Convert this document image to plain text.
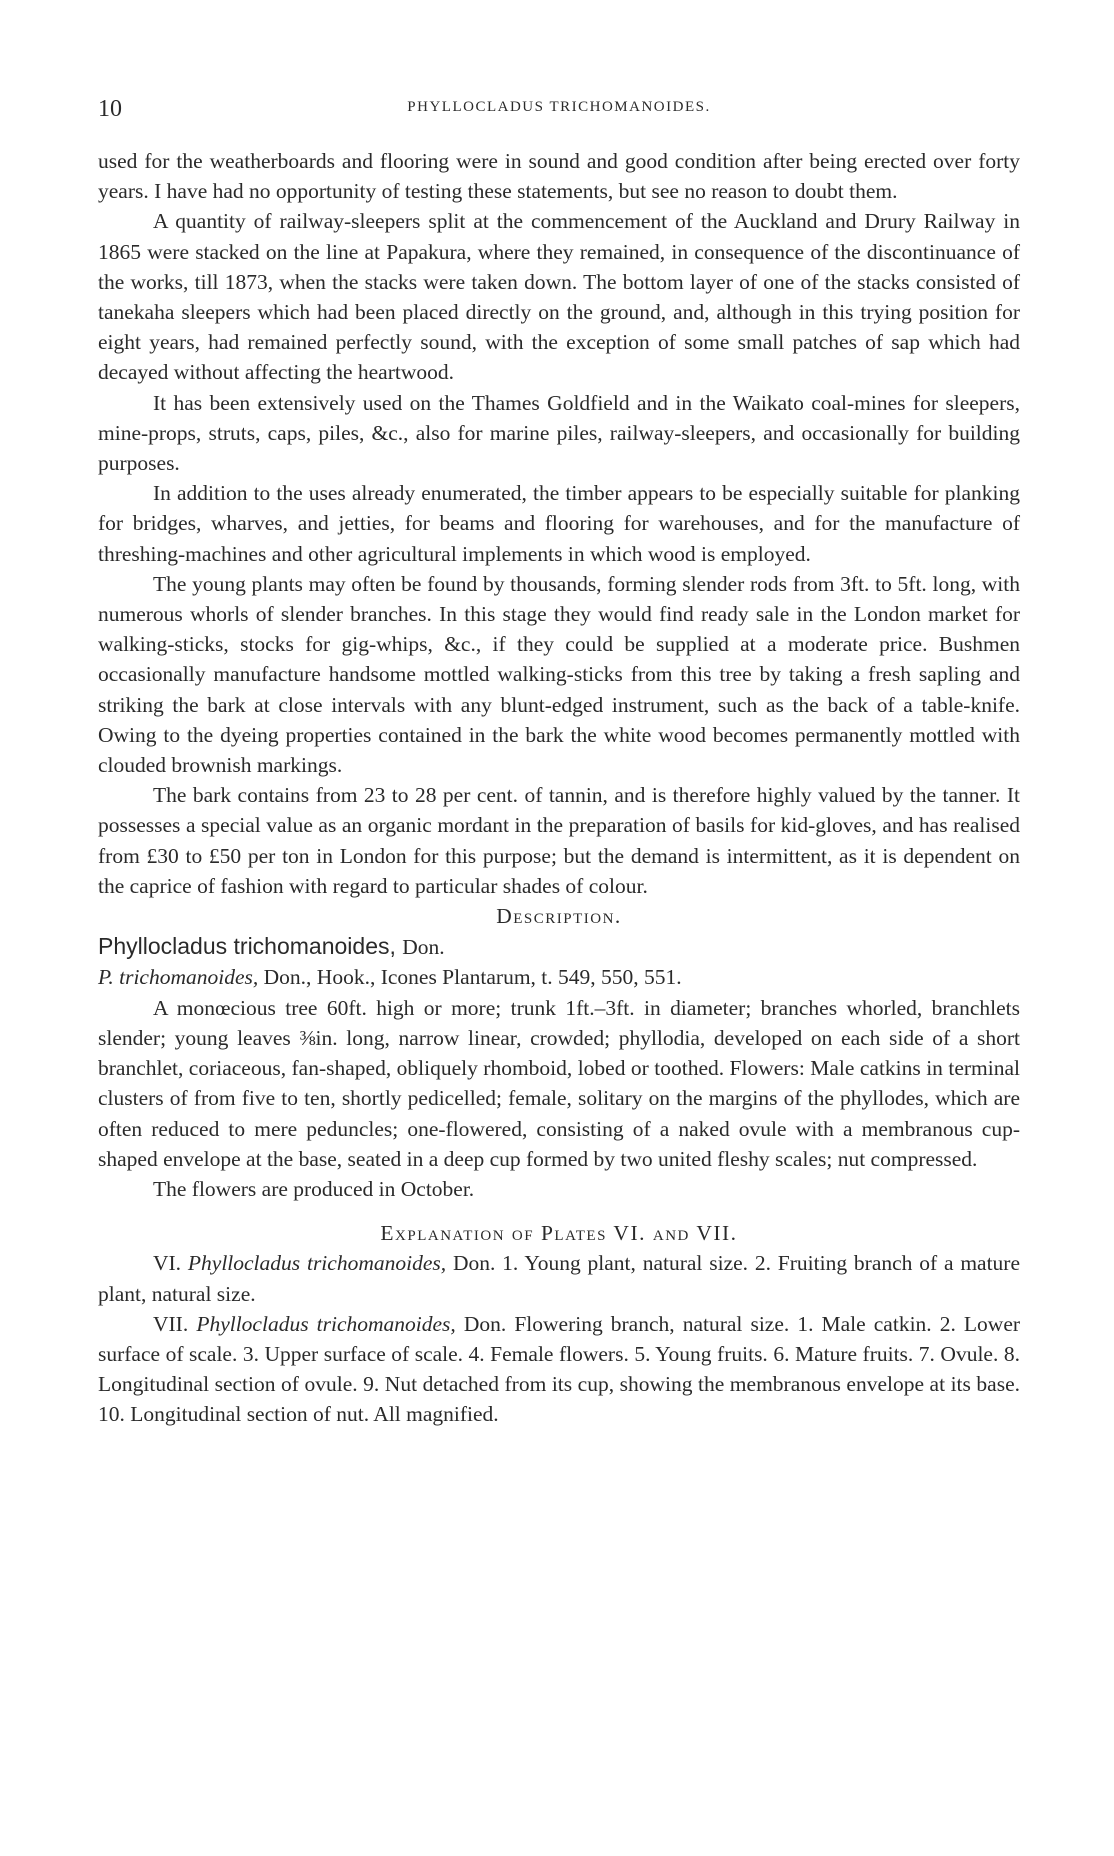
10	PHYLLOCLADUS TRICHOMANOIDES.

used for the weatherboards and flooring were in sound and good condition after being erected over forty years. I have had no opportunity of testing these statements, but see no reason to doubt them.

A quantity of railway-sleepers split at the commencement of the Auckland and Drury Railway in 1865 were stacked on the line at Papakura, where they remained, in consequence of the discontinuance of the works, till 1873, when the stacks were taken down. The bottom layer of one of the stacks consisted of tanekaha sleepers which had been placed directly on the ground, and, although in this trying position for eight years, had remained perfectly sound, with the exception of some small patches of sap which had decayed without affecting the heartwood.

It has been extensively used on the Thames Goldfield and in the Waikato coal-mines for sleepers, mine-props, struts, caps, piles, &c., also for marine piles, railway-sleepers, and occasionally for building purposes.

In addition to the uses already enumerated, the timber appears to be especially suitable for planking for bridges, wharves, and jetties, for beams and flooring for warehouses, and for the manufacture of threshing-machines and other agricultural implements in which wood is employed.

The young plants may often be found by thousands, forming slender rods from 3ft. to 5ft. long, with numerous whorls of slender branches. In this stage they would find ready sale in the London market for walking-sticks, stocks for gig-whips, &c., if they could be supplied at a moderate price. Bushmen occasionally manufacture handsome mottled walking-sticks from this tree by taking a fresh sapling and striking the bark at close intervals with any blunt-edged instrument, such as the back of a table-knife. Owing to the dyeing properties contained in the bark the white wood becomes permanently mottled with clouded brownish markings.

The bark contains from 23 to 28 per cent. of tannin, and is therefore highly valued by the tanner. It possesses a special value as an organic mordant in the preparation of basils for kid-gloves, and has realised from £30 to £50 per ton in London for this purpose; but the demand is intermittent, as it is dependent on the caprice of fashion with regard to particular shades of colour.

Description.

Phyllocladus trichomanoides, Don.

P. trichomanoides, Don., Hook., Icones Plantarum, t. 549, 550, 551.

A monœcious tree 60ft. high or more; trunk 1ft.–3ft. in diameter; branches whorled, branchlets slender; young leaves ⅜in. long, narrow linear, crowded; phyllodia, developed on each side of a short branchlet, coriaceous, fan-shaped, obliquely rhomboid, lobed or toothed. Flowers: Male catkins in terminal clusters of from five to ten, shortly pedicelled; female, solitary on the margins of the phyllodes, which are often reduced to mere peduncles; one-flowered, consisting of a naked ovule with a membranous cup-shaped envelope at the base, seated in a deep cup formed by two united fleshy scales; nut compressed.

The flowers are produced in October.

Explanation of Plates VI. and VII.

VI. Phyllocladus trichomanoides, Don. 1. Young plant, natural size. 2. Fruiting branch of a mature plant, natural size.

VII. Phyllocladus trichomanoides, Don. Flowering branch, natural size. 1. Male catkin. 2. Lower surface of scale. 3. Upper surface of scale. 4. Female flowers. 5. Young fruits. 6. Mature fruits. 7. Ovule. 8. Longitudinal section of ovule. 9. Nut detached from its cup, showing the membranous envelope at its base. 10. Longitudinal section of nut. All magnified.
